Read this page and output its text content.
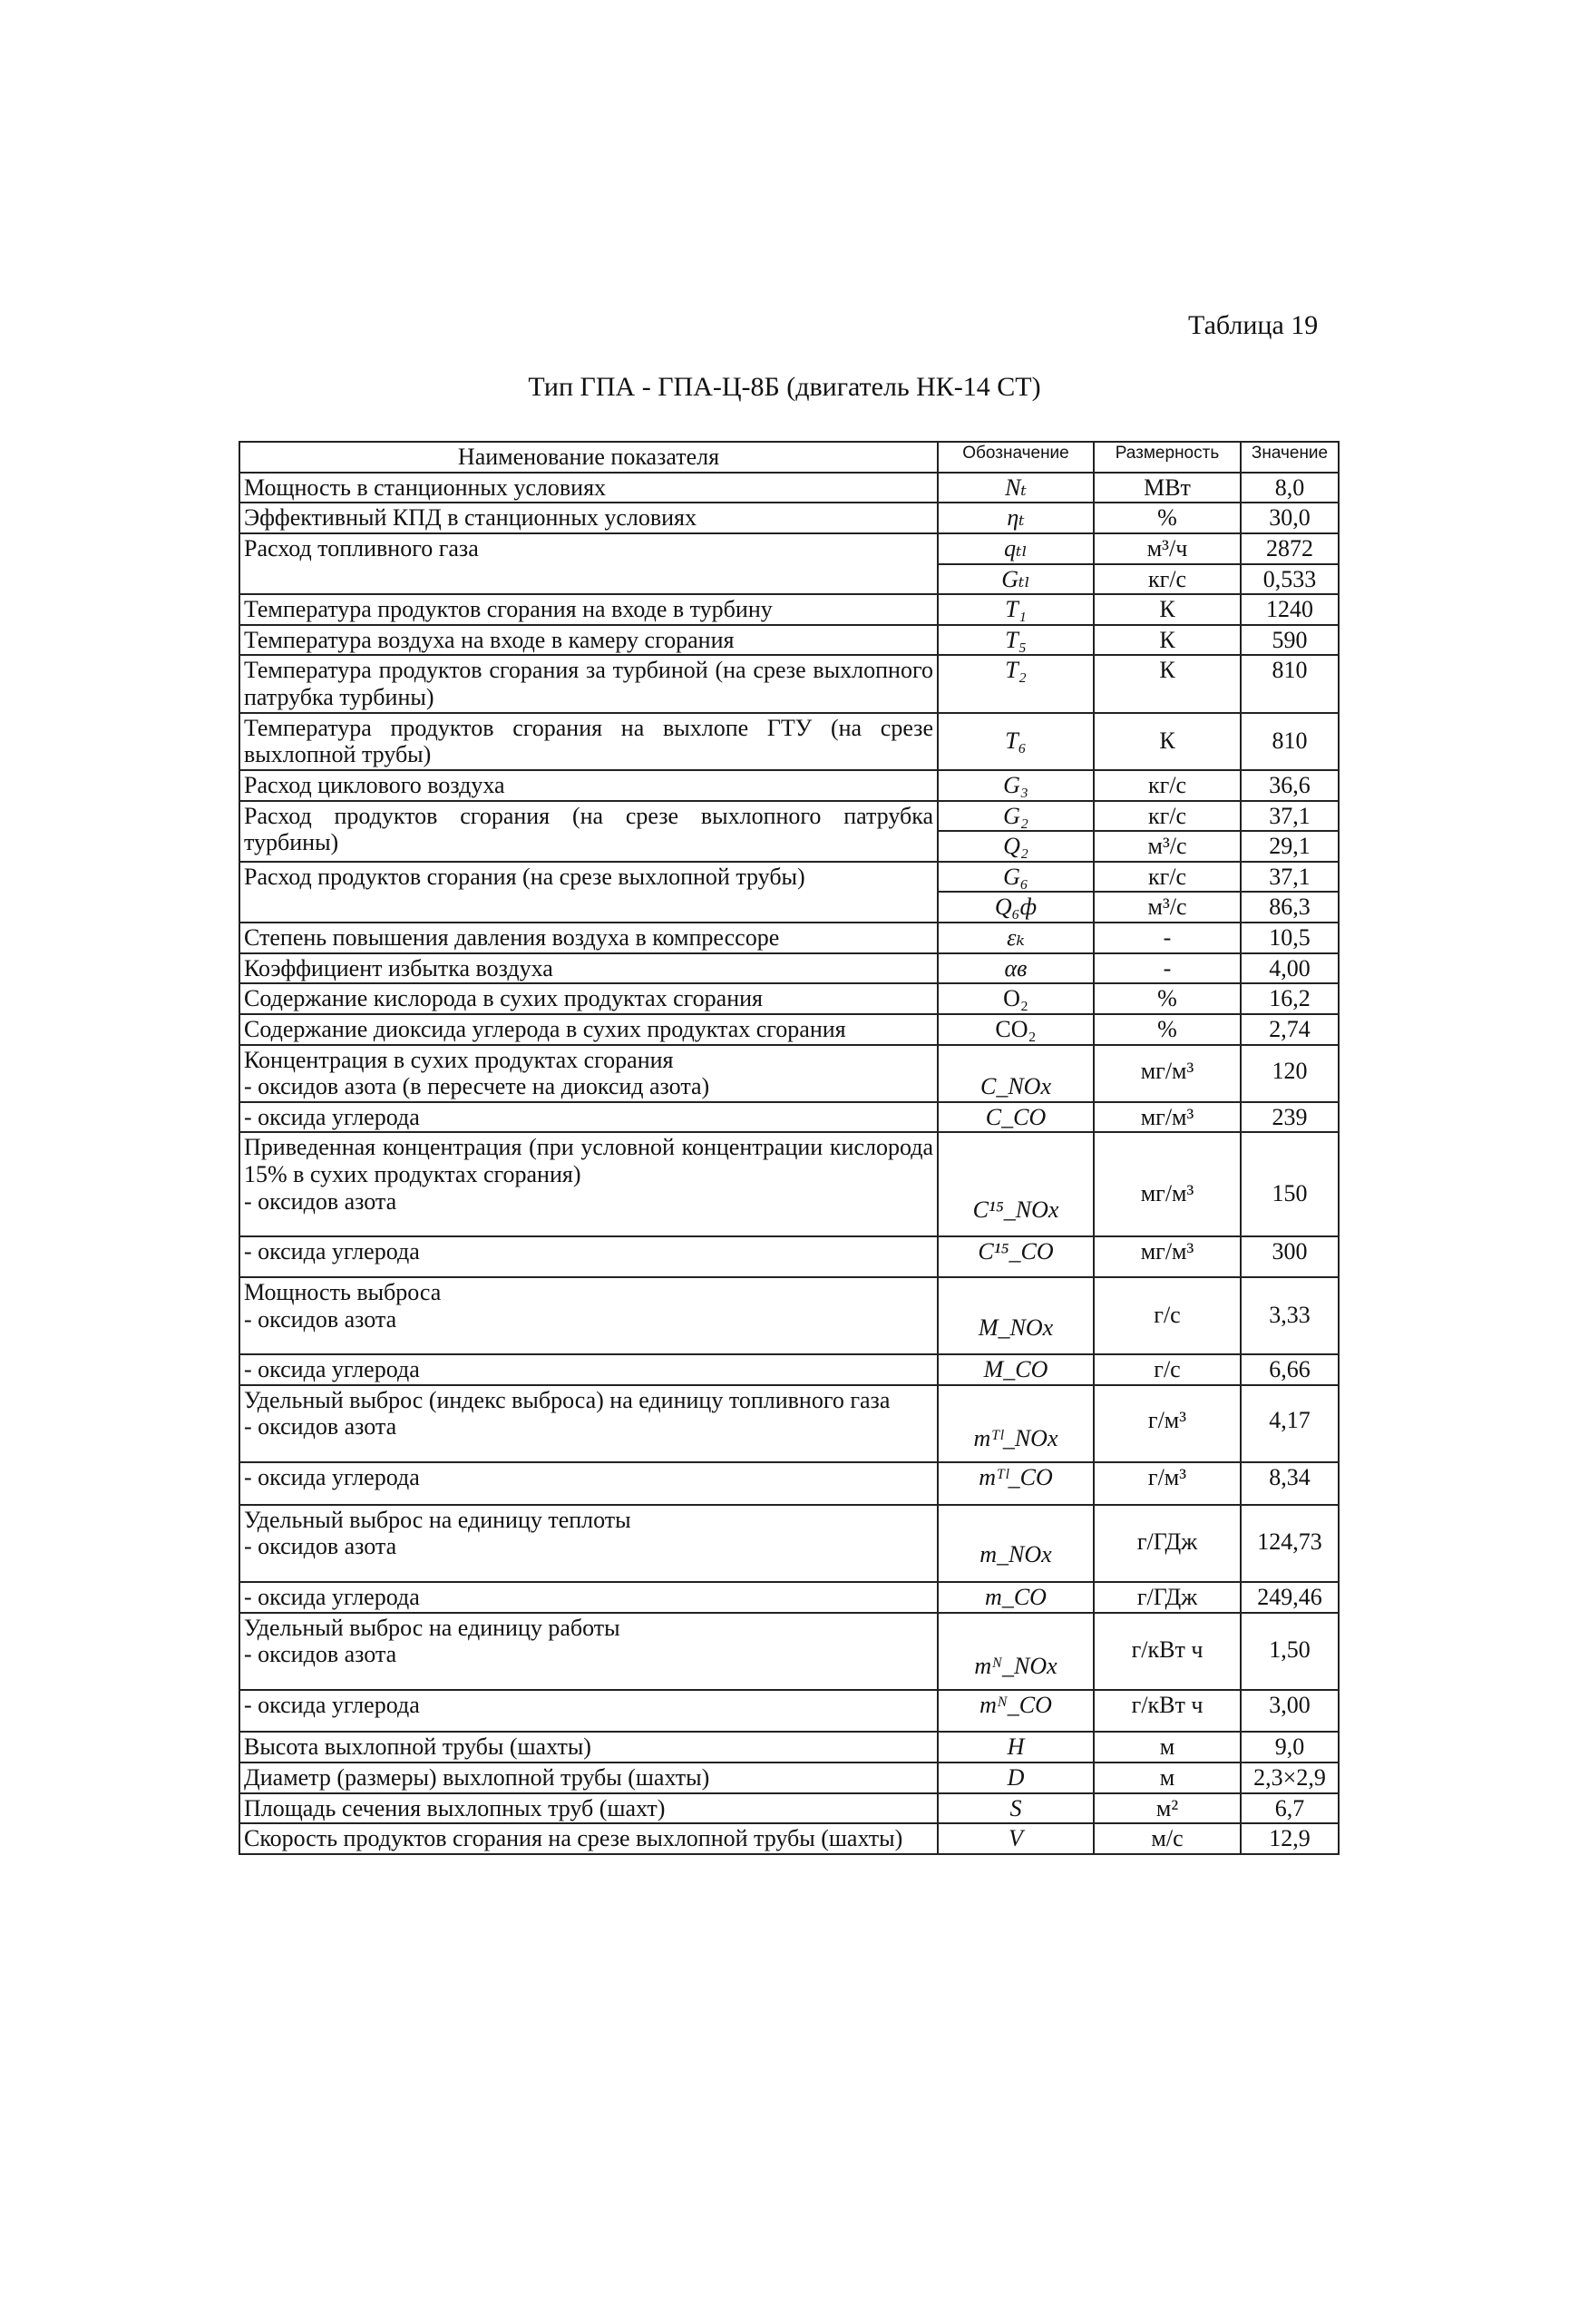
Таблица 19
Тип ГПА - ГПА-Ц-8Б (двигатель НК-14 СТ)
Наименование показателя	Обозначение	Размерность	Значение
Мощность в станционных условиях	Nₜ	МВт	8,0
Эффективный КПД в станционных условиях	ηₜ	%	30,0
Расход топливного газа	qₜₗ	м³/ч	2872
	Gₜₗ	кг/с	0,533
Температура продуктов сгорания на входе в турбину	T₁	К	1240
Температура воздуха на входе в камеру сгорания	T₅	К	590
Температура продуктов сгорания за турбиной (на срезе выхлопного патрубка турбины)	T₂	К	810
Температура продуктов сгорания на выхлопе ГТУ (на срезе выхлопной трубы)	T₆	К	810
Расход циклового воздуха	G₃	кг/с	36,6
Расход продуктов сгорания (на срезе выхлопного патрубка турбины)	G₂	кг/с	37,1
	Q₂	м³/с	29,1
Расход продуктов сгорания (на срезе выхлопной трубы)	G₆	кг/с	37,1
	Q₆ф	м³/с	86,3
Степень повышения давления воздуха в компрессоре	εₖ	-	10,5
Коэффициент избытка воздуха	αв	-	4,00
Содержание кислорода в сухих продуктах сгорания	O₂	%	16,2
Содержание диоксида углерода в сухих продуктах сгорания	CO₂	%	2,74

Концентрация в сухих продуктах сгорания
- оксидов азота (в пересчете на диоксид азота)	C_NOx	мг/м³	120
- оксида углерода	C_CO	мг/м³	239

Приведенная концентрация (при условной концентрации кислорода 15% в сухих продуктах сгорания)
- оксидов азота	C¹⁵_NOx	мг/м³	150
- оксида углерода	C¹⁵_CO	мг/м³	300

Мощность выброса
- оксидов азота	M_NOx	г/с	3,33
- оксида углерода	M_CO	г/с	6,66

Удельный выброс (индекс выброса) на единицу топливного газа
- оксидов азота	mᵀˡ_NOx	г/м³	4,17
- оксида углерода	mᵀˡ_CO	г/м³	8,34

Удельный выброс на единицу теплоты
- оксидов азота	m_NOx	г/ГДж	124,73
- оксида углерода	m_CO	г/ГДж	249,46

Удельный выброс на единицу работы
- оксидов азота	mᴺ_NOx	г/кВт ч	1,50
- оксида углерода	mᴺ_CO	г/кВт ч	3,00
Высота выхлопной трубы (шахты)	H	м	9,0
Диаметр (размеры) выхлопной трубы (шахты)	D	м	2,3×2,9
Площадь сечения выхлопных труб (шахт)	S	м²	6,7
Скорость продуктов сгорания на срезе выхлопной трубы (шахты)	V	м/с	12,9
